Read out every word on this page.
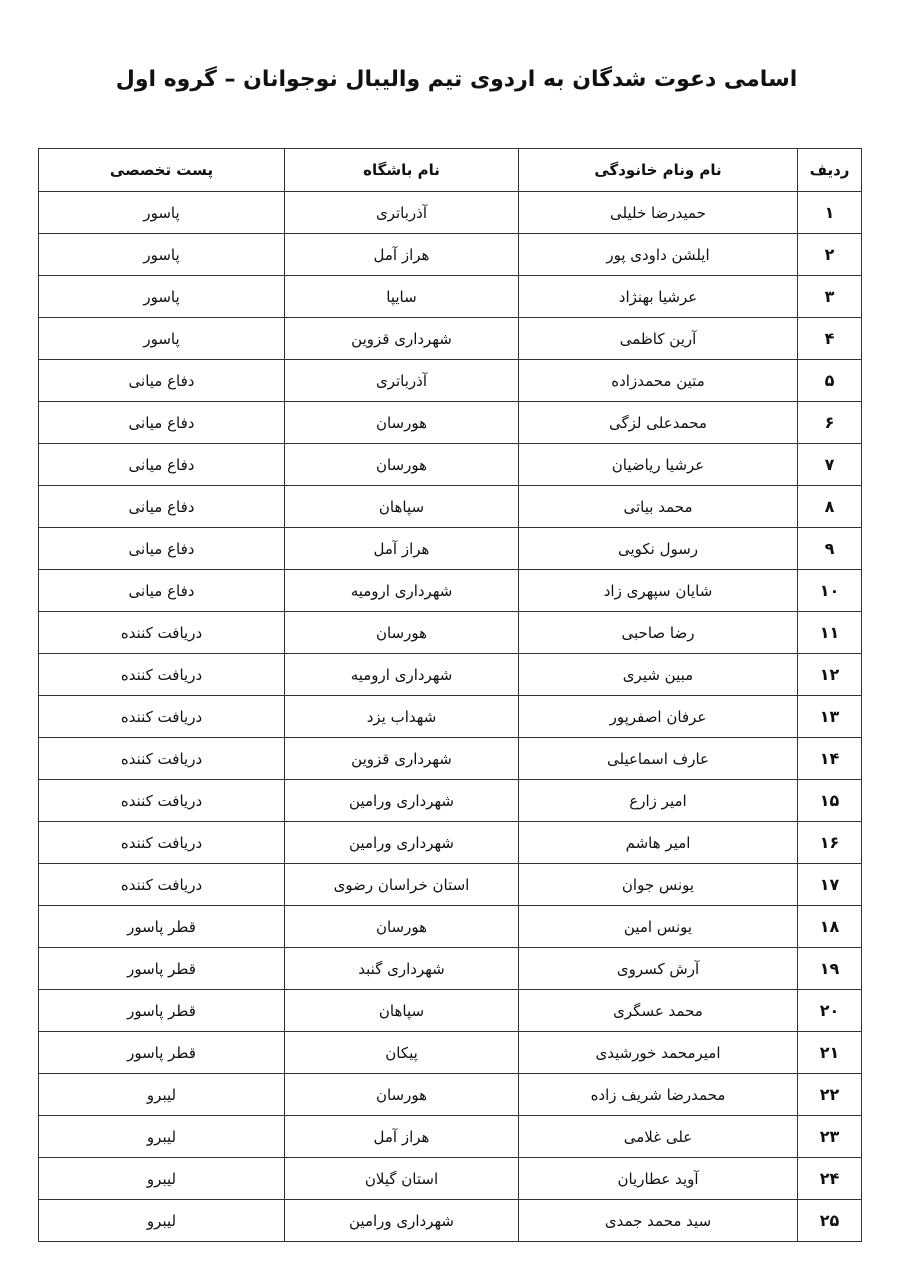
اسامی دعوت شدگان به اردوی تیم والیبال نوجوانان – گروه اول
ردیف	نام ونام خانودگی	نام باشگاه	پست تخصصی
۱	حمیدرضا خلیلی	آذرباتری	پاسور
۲	ایلشن داودی پور	هراز آمل	پاسور
۳	عرشیا بهنژاد	سایپا	پاسور
۴	آرین کاظمی	شهرداری قزوین	پاسور
۵	متین محمدزاده	آذرباتری	دفاع میانی
۶	محمدعلی لزگی	هورسان	دفاع میانی
۷	عرشیا ریاضیان	هورسان	دفاع میانی
۸	محمد بیاتی	سپاهان	دفاع میانی
۹	رسول نکویی	هراز آمل	دفاع میانی
۱۰	شایان سپهری زاد	شهرداری ارومیه	دفاع میانی
۱۱	رضا صاحبی	هورسان	دریافت کننده
۱۲	مبین شیری	شهرداری ارومیه	دریافت کننده
۱۳	عرفان اصفرپور	شهداب یزد	دریافت کننده
۱۴	عارف اسماعیلی	شهرداری قزوین	دریافت کننده
۱۵	امیر زارع	شهرداری ورامین	دریافت کننده
۱۶	امیر هاشم	شهرداری ورامین	دریافت کننده
۱۷	یونس جوان	استان خراسان رضوی	دریافت کننده
۱۸	یونس امین	هورسان	قطر پاسور
۱۹	آرش کسروی	شهرداری گنبد	قطر پاسور
۲۰	محمد عسگری	سپاهان	قطر پاسور
۲۱	امیرمحمد خورشیدی	پیکان	قطر پاسور
۲۲	محمدرضا شریف زاده	هورسان	لیبرو
۲۳	علی غلامی	هراز آمل	لیبرو
۲۴	آوید عطاریان	استان گیلان	لیبرو
۲۵	سید محمد جمدی	شهرداری ورامین	لیبرو
